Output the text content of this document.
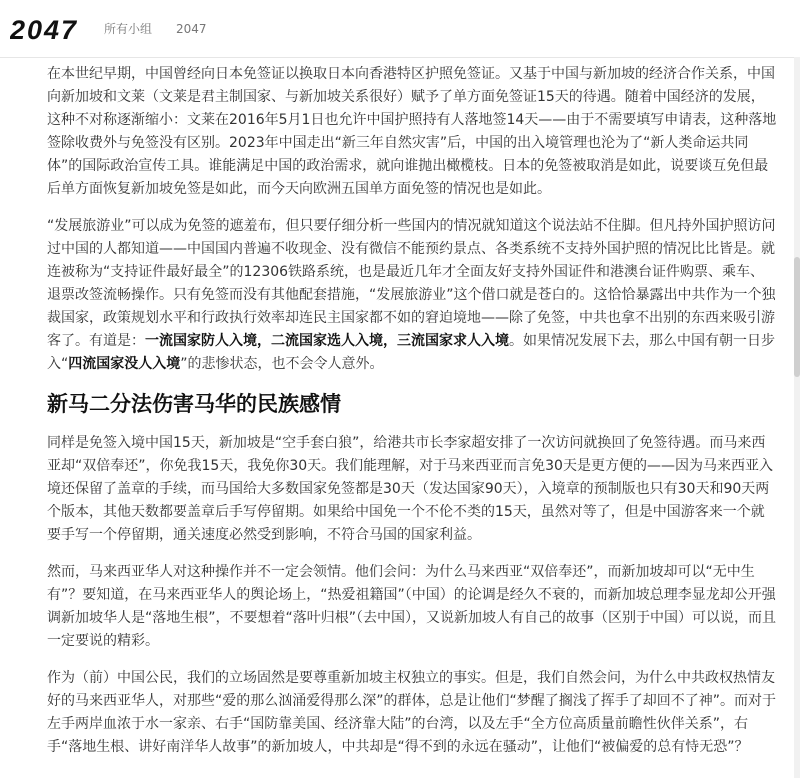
2047 所有小组 2047

在本世纪早期，中国曾经向日本免签证以换取日本向香港特区护照免签证。又基于中国与新加坡的经济合作关系，中国向新加坡和文莱（文莱是君主制国家、与新加坡关系很好）赋予了单方面免签证15天的待遇。随着中国经济的发展，这种不对称逐渐缩小：文莱在2016年5月1日也允许中国护照持有人落地签14天——由于不需要填写申请表，这种落地签除收费外与免签没有区别。2023年中国走出“新三年自然灾害”后，中国的出入境管理也沦为了“新人类命运共同体”的国际政治宣传工具。谁能满足中国的政治需求，就向谁抛出橄榄枝。日本的免签被取消是如此，说要谈互免但最后单方面恢复新加坡免签是如此，而今天向欧洲五国单方面免签的情况也是如此。

“发展旅游业”可以成为免签的遮羞布，但只要仔细分析一些国内的情况就知道这个说法站不住脚。但凡持外国护照访问过中国的人都知道——中国国内普遍不收现金、没有微信不能预约景点、各类系统不支持外国护照的情况比比皆是。就连被称为“支持证件最好最全”的12306铁路系统，也是最近几年才全面友好支持外国证件和港澳台证件购票、乘车、退票改签流畅操作。只有免签而没有其他配套措施，“发展旅游业”这个借口就是苍白的。这恰恰暴露出中共作为一个独裁国家，政策规划水平和行政执行效率却连民主国家都不如的窘迫境地——除了免签，中共也拿不出别的东西来吸引游客了。有道是：一流国家防人入境，二流国家选人入境，三流国家求人入境。如果情况发展下去，那么中国有朝一日步入“四流国家没人入境”的悲惨状态，也不会令人意外。

新马二分法伤害马华的民族感情

同样是免签入境中国15天，新加坡是“空手套白狼”，给港共市长李家超安排了一次访问就换回了免签待遇。而马来西亚却“双倍奉还”，你免我15天，我免你30天。我们能理解，对于马来西亚而言免30天是更方便的——因为马来西亚入境还保留了盖章的手续，而马国给大多数国家免签都是30天（发达国家90天），入境章的预制版也只有30天和90天两个版本，其他天数都要盖章后手写停留期。如果给中国免一个不伦不类的15天，虽然对等了，但是中国游客来一个就要手写一个停留期，通关速度必然受到影响，不符合马国的国家利益。

然而，马来西亚华人对这种操作并不一定会领情。他们会问：为什么马来西亚“双倍奉还”，而新加坡却可以“无中生有”？要知道，在马来西亚华人的舆论场上，“热爱祖籍国”（中国）的论调是经久不衰的，而新加坡总理李显龙却公开强调新加坡华人是“落地生根”，不要想着“落叶归根”（去中国），又说新加坡人有自己的故事（区别于中国）可以说，而且一定要说的精彩。

作为（前）中国公民，我们的立场固然是要尊重新加坡主权独立的事实。但是，我们自然会问，为什么中共政权热情友好的马来西亚华人，对那些“爱的那么汹涌爱得那么深”的群体，总是让他们“梦醒了搁浅了挥手了却回不了神”。而对于左手两岸血浓于水一家亲、右手“国防靠美国、经济靠大陆”的台湾，以及左手“全方位高质量前瞻性伙伴关系”，右手“落地生根、讲好南洋华人故事”的新加坡人，中共却是“得不到的永远在骚动”，让他们“被偏爱的总有恃无恐”？
